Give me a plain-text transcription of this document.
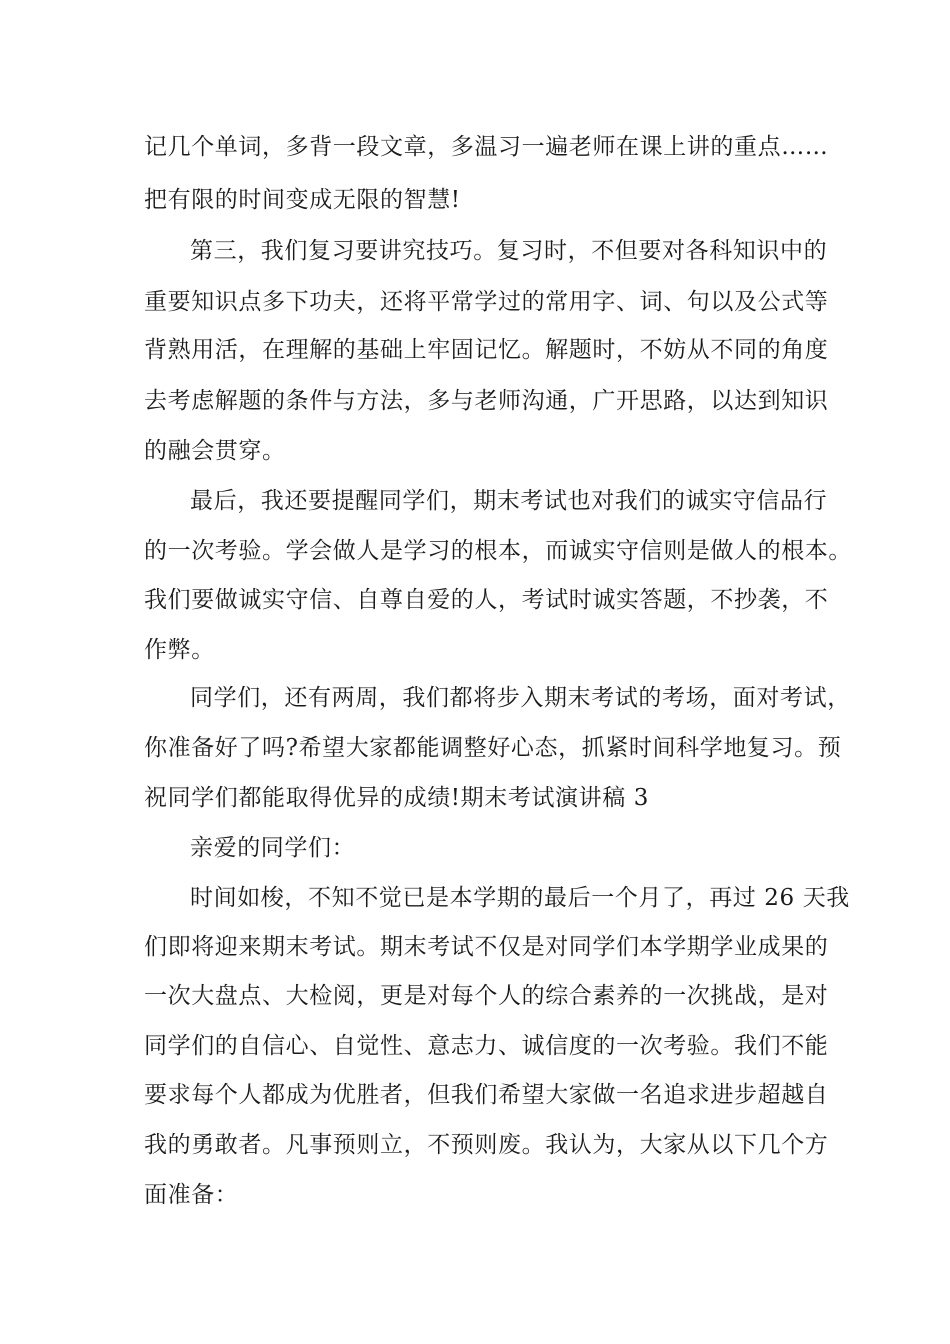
记几个单词，多背一段文章，多温习一遍老师在课上讲的重点……

把有限的时间变成无限的智慧!

第三，我们复习要讲究技巧。复习时，不但要对各科知识中的

重要知识点多下功夫，还将平常学过的常用字、词、句以及公式等

背熟用活，在理解的基础上牢固记忆。解题时，不妨从不同的角度

去考虑解题的条件与方法，多与老师沟通，广开思路，以达到知识

的融会贯穿。

最后，我还要提醒同学们，期末考试也对我们的诚实守信品行

的一次考验。学会做人是学习的根本，而诚实守信则是做人的根本。

我们要做诚实守信、自尊自爱的人，考试时诚实答题，不抄袭，不

作弊。

同学们，还有两周，我们都将步入期末考试的考场，面对考试，

你准备好了吗?希望大家都能调整好心态，抓紧时间科学地复习。预

祝同学们都能取得优异的成绩!期末考试演讲稿 3

亲爱的同学们：

时间如梭，不知不觉已是本学期的最后一个月了，再过 26 天我

们即将迎来期末考试。期末考试不仅是对同学们本学期学业成果的

一次大盘点、大检阅，更是对每个人的综合素养的一次挑战，是对

同学们的自信心、自觉性、意志力、诚信度的一次考验。我们不能

要求每个人都成为优胜者，但我们希望大家做一名追求进步超越自

我的勇敢者。凡事预则立，不预则废。我认为，大家从以下几个方

面准备：
